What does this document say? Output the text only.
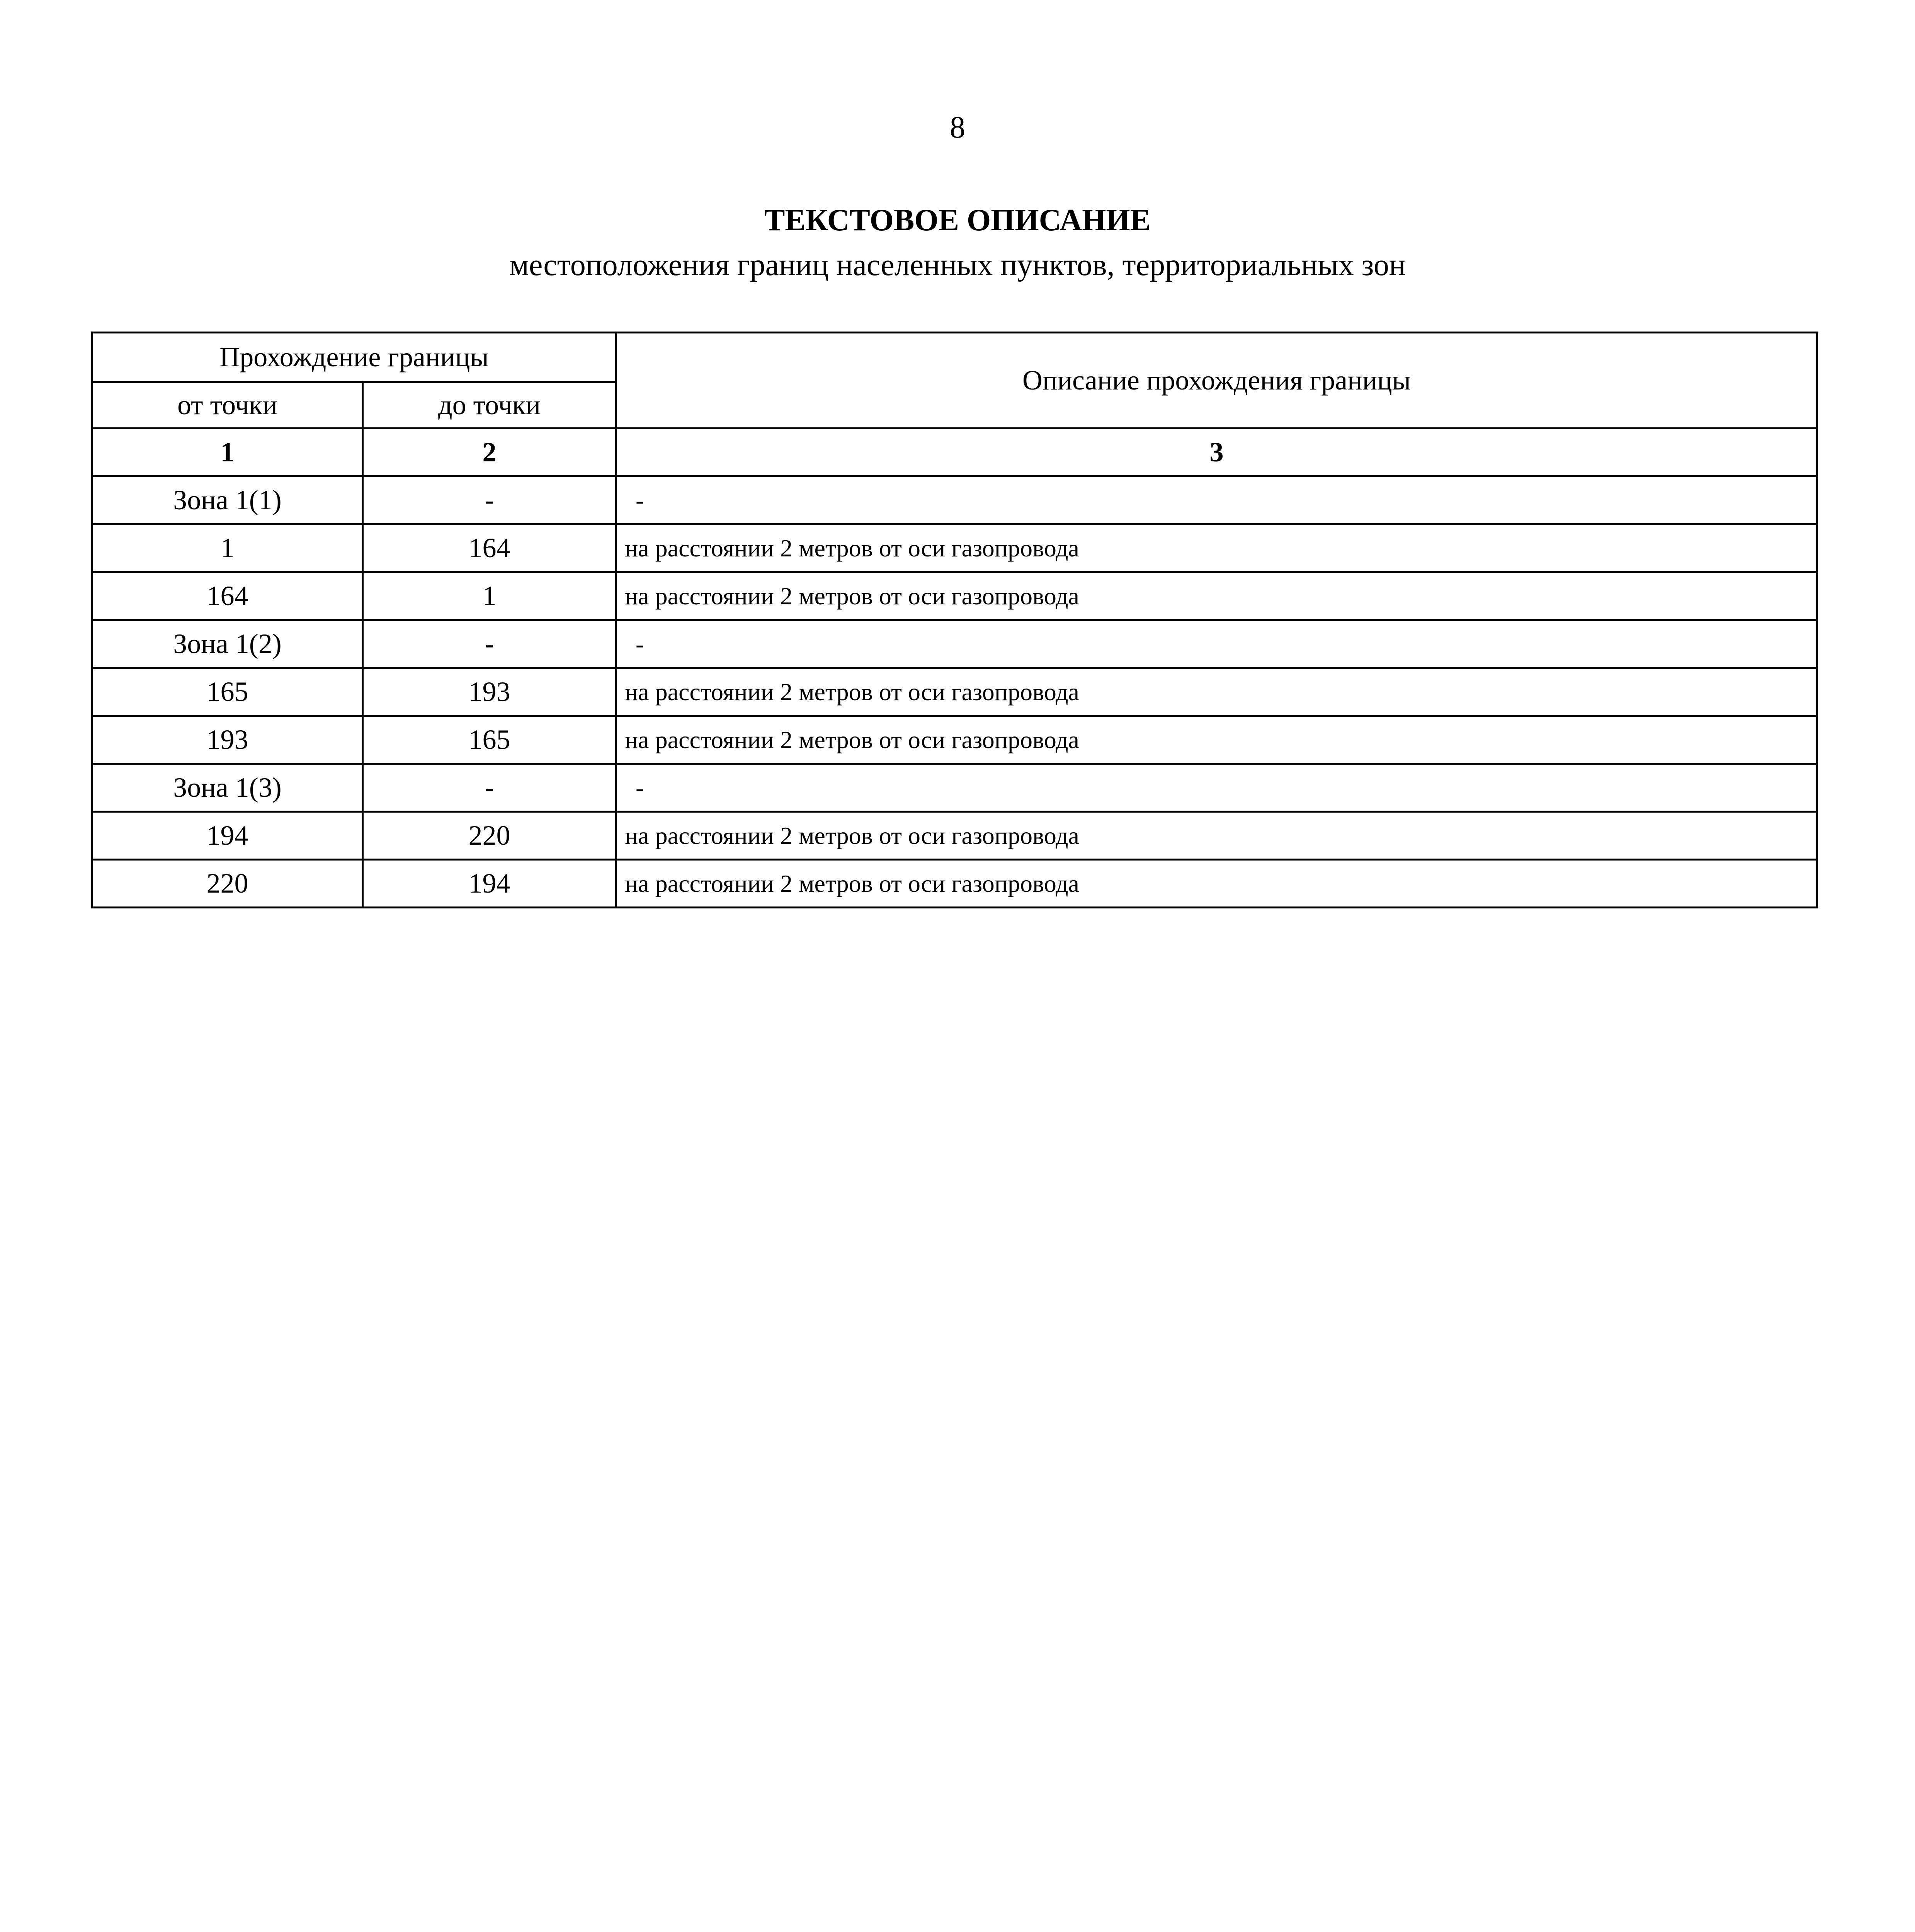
8
ТЕКСТОВОЕ ОПИСАНИЕ
местоположения границ населенных пунктов, территориальных зон
Прохождение границы		Описание прохождения границы
от точки	до точки	
1	2	3
Зона 1(1)	-	-
1	164	на расстоянии 2 метров от оси газопровода
164	1	на расстоянии 2 метров от оси газопровода
Зона 1(2)	-	-
165	193	на расстоянии 2 метров от оси газопровода
193	165	на расстоянии 2 метров от оси газопровода
Зона 1(3)	-	-
194	220	на расстоянии 2 метров от оси газопровода
220	194	на расстоянии 2 метров от оси газопровода
